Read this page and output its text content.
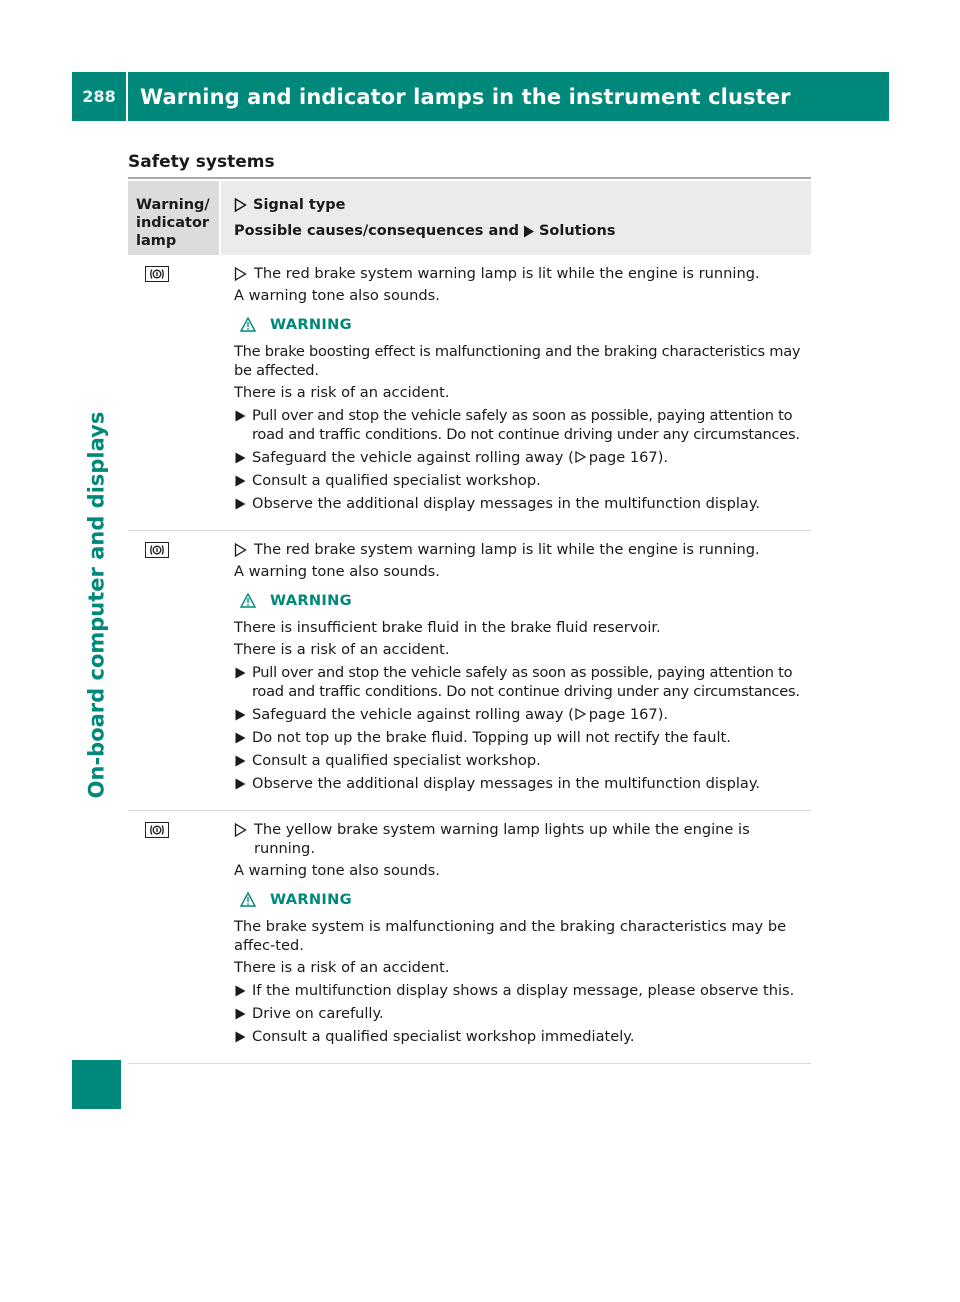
288	Warning and indicator lamps in the instrument cluster
On-board computer and displays
Safety systems
Warning/ indicator lamp
Signal type
Possible causes/consequences and Solutions
The red brake system warning lamp is lit while the engine is running.
A warning tone also sounds.
WARNING
The brake boosting effect is malfunctioning and the braking characteristics may be affected.
There is a risk of an accident.
Pull over and stop the vehicle safely as soon as possible, paying attention to road and traffic conditions. Do not continue driving under any circumstances.
Safeguard the vehicle against rolling away ( page 167).
Consult a qualified specialist workshop.
Observe the additional display messages in the multifunction display.
The red brake system warning lamp is lit while the engine is running.
A warning tone also sounds.
WARNING
There is insufficient brake fluid in the brake fluid reservoir.
There is a risk of an accident.
Pull over and stop the vehicle safely as soon as possible, paying attention to road and traffic conditions. Do not continue driving under any circumstances.
Safeguard the vehicle against rolling away ( page 167).
Do not top up the brake fluid. Topping up will not rectify the fault.
Consult a qualified specialist workshop.
Observe the additional display messages in the multifunction display.
The yellow brake system warning lamp lights up while the engine is running.
A warning tone also sounds.
WARNING
The brake system is malfunctioning and the braking characteristics may be affec-ted.
There is a risk of an accident.
If the multifunction display shows a display message, please observe this.
Drive on carefully.
Consult a qualified specialist workshop immediately.
